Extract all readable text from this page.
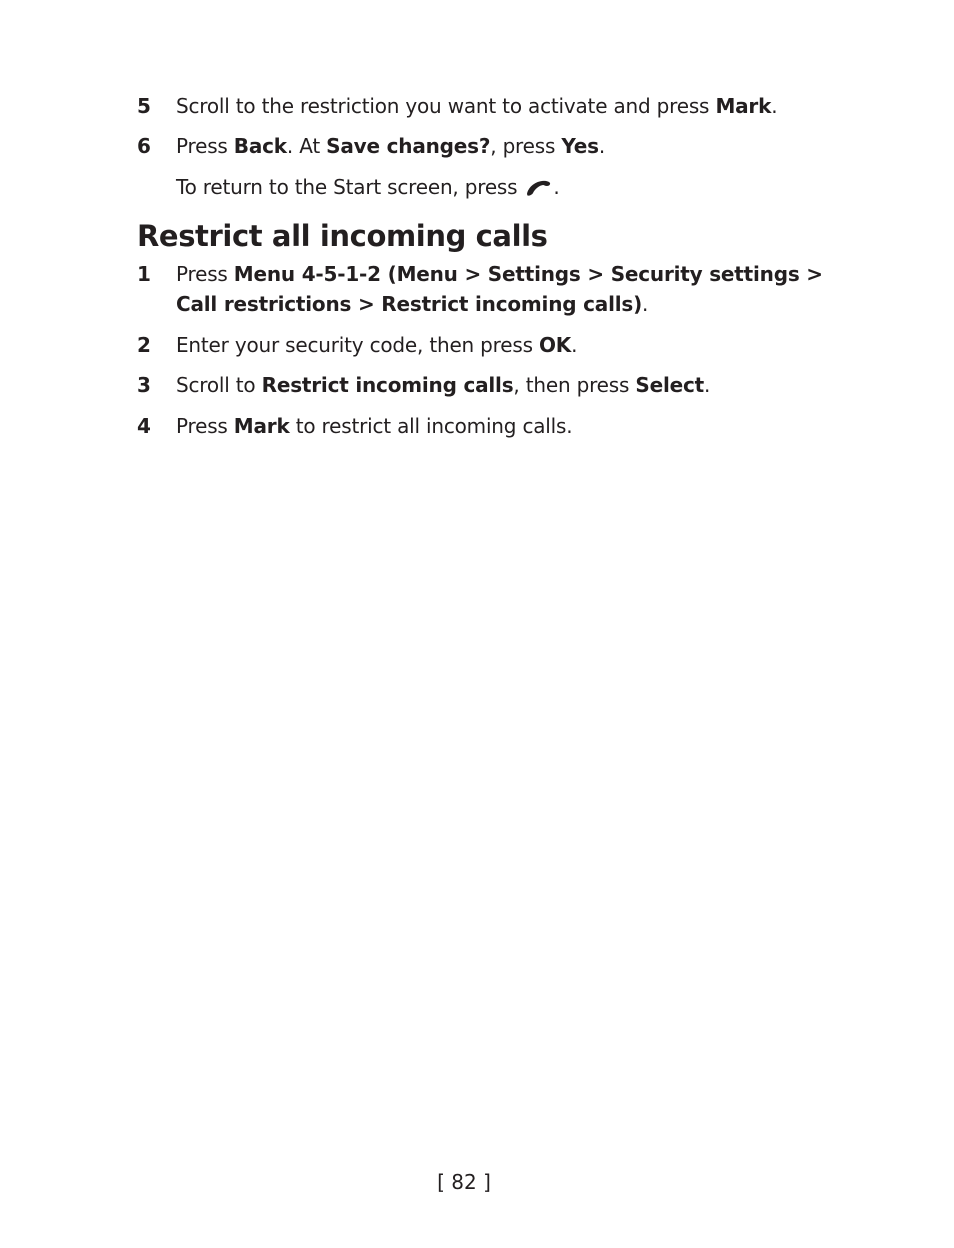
5	Scroll to the restriction you want to activate and press Mark.
6	Press Back. At Save changes?, press Yes.
To return to the Start screen, press .
Restrict all incoming calls
1	Press Menu 4-5-1-2 (Menu > Settings > Security settings > Call restrictions > Restrict incoming calls).
2	Enter your security code, then press OK.
3	Scroll to Restrict incoming calls, then press Select.
4	Press Mark to restrict all incoming calls.
[ 82 ]
